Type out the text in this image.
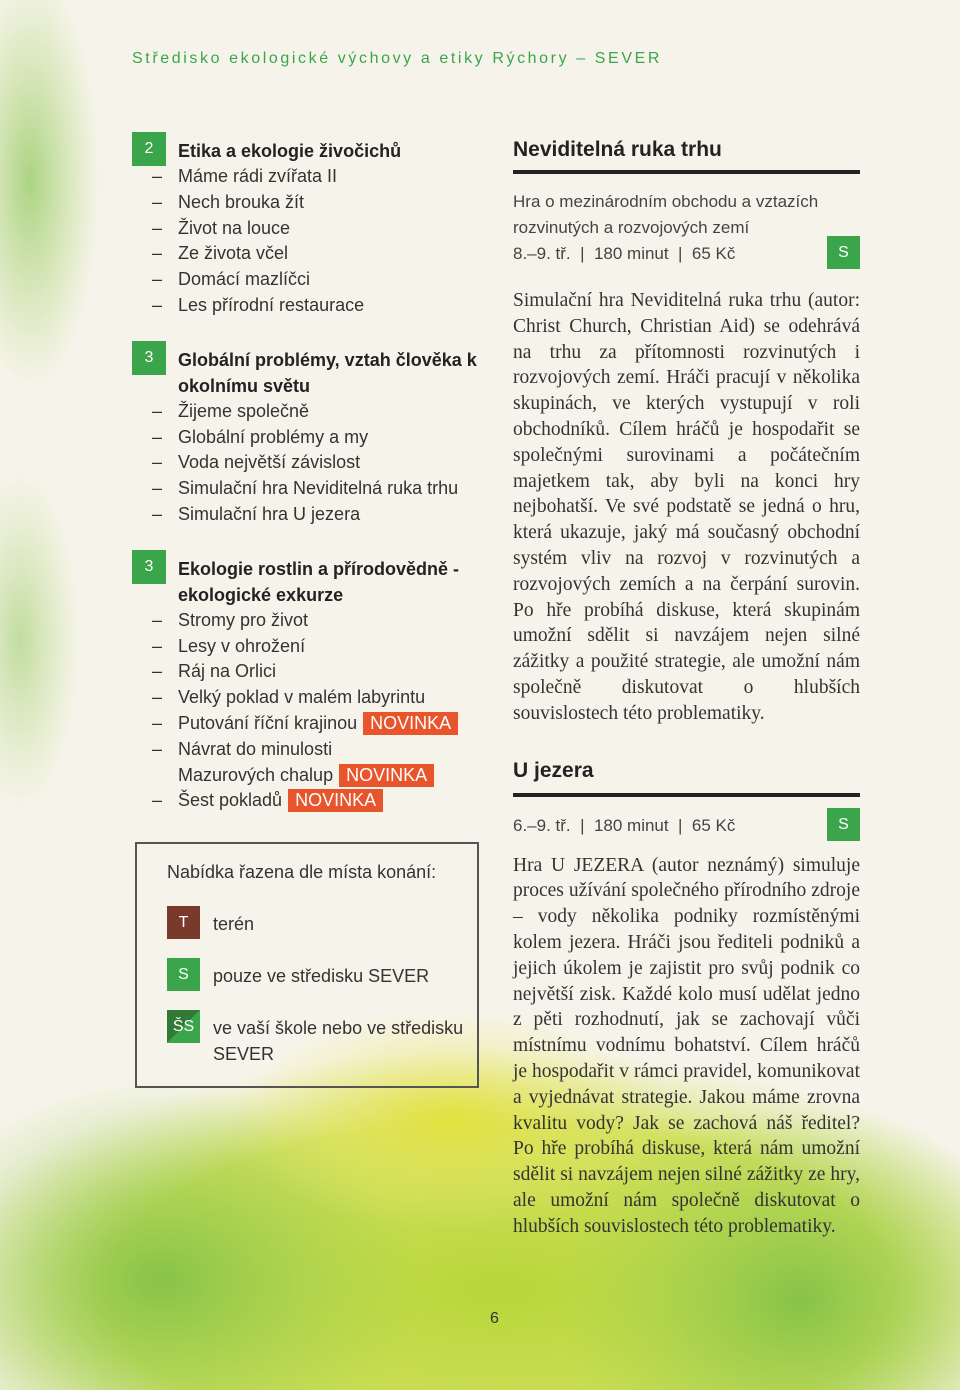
Středisko ekologické výchovy a etiky Rýchory – SEVER
2	Etika a ekologie živočichů
– Máme rádi zvířata II
– Nech brouka žít
– Život na louce
– Ze života včel
– Domácí mazlíčci
– Les přírodní restaurace
3	Globální problémy, vztah člověka k okolnímu světu
– Žijeme společně
– Globální problémy a my
– Voda největší závislost
– Simulační hra Neviditelná ruka trhu
– Simulační hra U jezera
3	Ekologie rostlin a přírodovědně -ekologické exkurze
– Stromy pro život
– Lesy v ohrožení
– Ráj na Orlici
– Velký poklad v malém labyrintu
– Putování říční krajinou NOVINKA
– Návrat do minulosti
Mazurových chalup NOVINKA
– Šest pokladů NOVINKA
Nabídka řazena dle místa konání:
T	terén
S	pouze ve středisku SEVER
ŠS	ve vaší škole nebo ve středisku SEVER
Neviditelná ruka trhu
Hra o mezinárodním obchodu a vztazích rozvinutých a rozvojových zemí
8.–9. tř.  |  180 minut  |  65 Kč	S
Simulační hra Neviditelná ruka trhu (autor: Christ Church, Christian Aid) se odehrává na trhu za přítomnosti rozvinutých i rozvojových zemí. Hráči pracují v několika skupinách, ve kterých vystupují v roli obchodníků. Cílem hráčů je hospodařit se společnými surovinami a počátečním majetkem tak, aby byli na konci hry nejbohatší. Ve své podstatě se jedná o hru, která ukazuje, jaký má současný obchodní systém vliv na rozvoj v rozvinutých a rozvojových zemích a na čerpání surovin. Po hře probíhá diskuse, která skupinám umožní sdělit si navzájem nejen silné zážitky a použité strategie, ale umožní nám společně diskutovat o hlubších souvislostech této problematiky.
U jezera
6.–9. tř.  |  180 minut  |  65 Kč	S
Hra U JEZERA (autor neznámý) simuluje proces užívání společného přírodního zdroje – vody několika podniky rozmístěnými kolem jezera. Hráči jsou řediteli podniků a jejich úkolem je zajistit pro svůj podnik co největší zisk. Každé kolo musí udělat jedno z pěti rozhodnutí, jak se zachovají vůči místnímu vodnímu bohatství. Cílem hráčů je hospodařit v rámci pravidel, komunikovat a vyjednávat strategie. Jakou máme zrovna kvalitu vody? Jak se zachová náš ředitel? Po hře probíhá diskuse, která nám umožní sdělit si navzájem nejen silné zážitky ze hry, ale umožní nám společně diskutovat o hlubších souvislostech této problematiky.
6
